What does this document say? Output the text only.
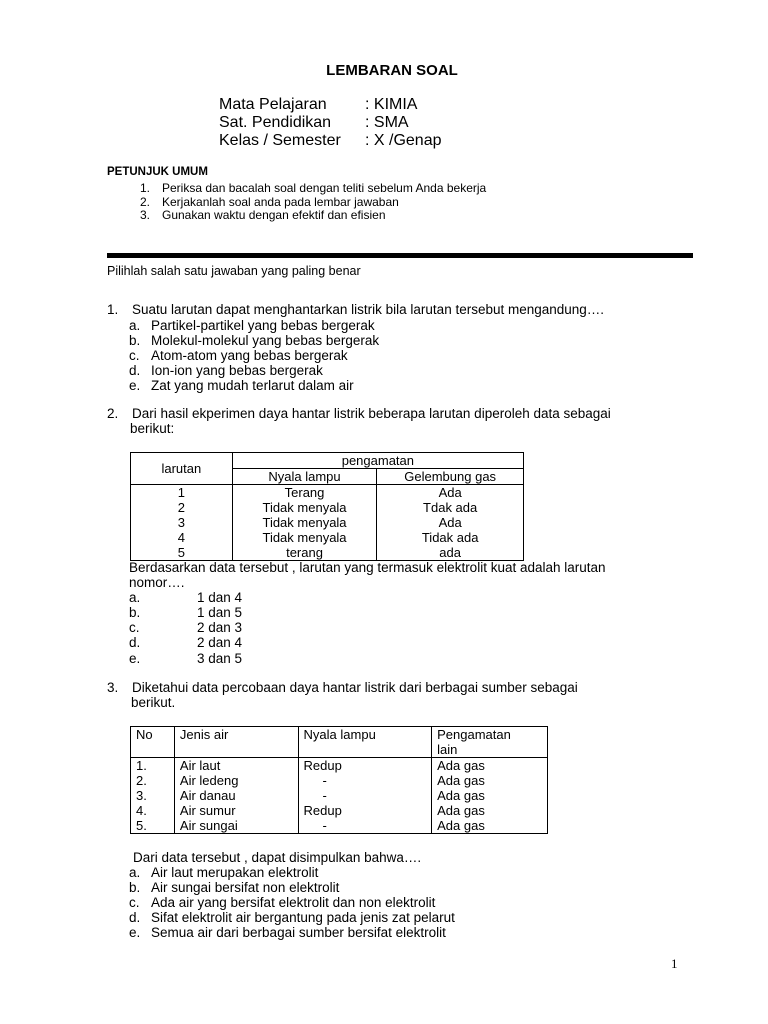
LEMBARAN SOAL
Mata Pelajaran : KIMIA
Sat. Pendidikan : SMA
Kelas / Semester : X /Genap
PETUNJUK UMUM
1. Periksa dan bacalah soal dengan teliti sebelum Anda bekerja
2. Kerjakanlah soal anda pada lembar jawaban
3. Gunakan waktu dengan efektif dan efisien
Pilihlah salah satu jawaban yang paling benar
1. Suatu larutan dapat menghantarkan listrik bila larutan tersebut mengandung….
a. Partikel-partikel yang bebas bergerak
b. Molekul-molekul yang bebas bergerak
c. Atom-atom yang bebas bergerak
d. Ion-ion yang bebas bergerak
e. Zat yang mudah terlarut dalam air
2. Dari hasil ekperimen daya hantar listrik beberapa larutan diperoleh data sebagai
berikut:
larutan	pengamatan	
	Nyala lampu	Gelembung gas
1	Terang	Ada
2	Tidak menyala	Tdak ada
3	Tidak menyala	Ada
4	Tidak menyala	Tidak ada
5	terang	ada
Berdasarkan data tersebut , larutan yang termasuk elektrolit kuat adalah larutan
nomor….
a.	1 dan 4
b.	1 dan 5
c.	2 dan 3
d.	2 dan 4
e.	3 dan 5
3. Diketahui data percobaan daya hantar listrik dari berbagai sumber sebagai
berikut.
No	Jenis air	Nyala lampu	Pengamatan
lain
1.	Air laut	Redup	Ada gas
2.	Air ledeng	-	Ada gas
3.	Air danau	-	Ada gas
4.	Air sumur	Redup	Ada gas
5.	Air sungai	-	Ada gas
Dari data tersebut , dapat disimpulkan bahwa….
a. Air laut merupakan elektrolit
b. Air sungai bersifat non elektrolit
c. Ada air yang bersifat elektrolit dan non elektrolit
d. Sifat elektrolit air bergantung pada jenis zat pelarut
e. Semua air dari berbagai sumber bersifat elektrolit
1
